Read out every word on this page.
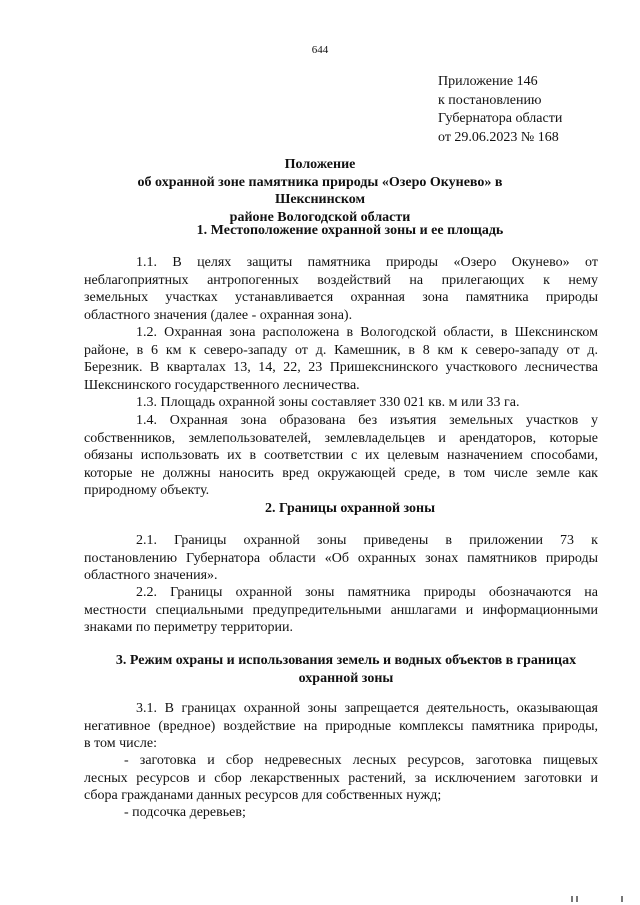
644
Приложение 146
к постановлению
Губернатора области
от 29.06.2023 № 168
Положение
об охранной зоне памятника природы «Озеро Окунево» в Шекснинском
районе Вологодской области
1. Местоположение охранной зоны и ее площадь
1.1. В целях защиты памятника природы «Озеро Окунево» от
неблагоприятных антропогенных воздействий на прилегающих к нему
земельных участках устанавливается охранная зона памятника природы
областного значения (далее - охранная зона).
1.2. Охранная зона расположена в Вологодской области, в Шекснинском
районе, в 6 км к северо-западу от д. Камешник, в 8 км к северо-западу от д.
Березник. В кварталах 13, 14, 22, 23 Пришекснинского участкового лесничества
Шекснинского государственного лесничества.
1.3. Площадь охранной зоны составляет 330 021 кв. м или 33 га.
1.4. Охранная зона образована без изъятия земельных участков у
собственников, землепользователей, землевладельцев и арендаторов, которые
обязаны использовать их в соответствии с их целевым назначением способами,
которые не должны наносить вред окружающей среде, в том числе земле как
природному объекту.
2. Границы охранной зоны
2.1. Границы охранной зоны приведены в приложении 73 к
постановлению Губернатора области «Об охранных зонах памятников природы
областного значения».
2.2. Границы охранной зоны памятника природы обозначаются на
местности специальными предупредительными аншлагами и информационными
знаками по периметру территории.
3. Режим охраны и использования земель и водных объектов в границах
охранной зоны
3.1. В границах охранной зоны запрещается деятельность, оказывающая
негативное (вредное) воздействие на природные комплексы памятника природы,
в том числе:
- заготовка и сбор недревесных лесных ресурсов, заготовка пищевых
лесных ресурсов и сбор лекарственных растений, за исключением заготовки и
сбора гражданами данных ресурсов для собственных нужд;
- подсочка деревьев;
